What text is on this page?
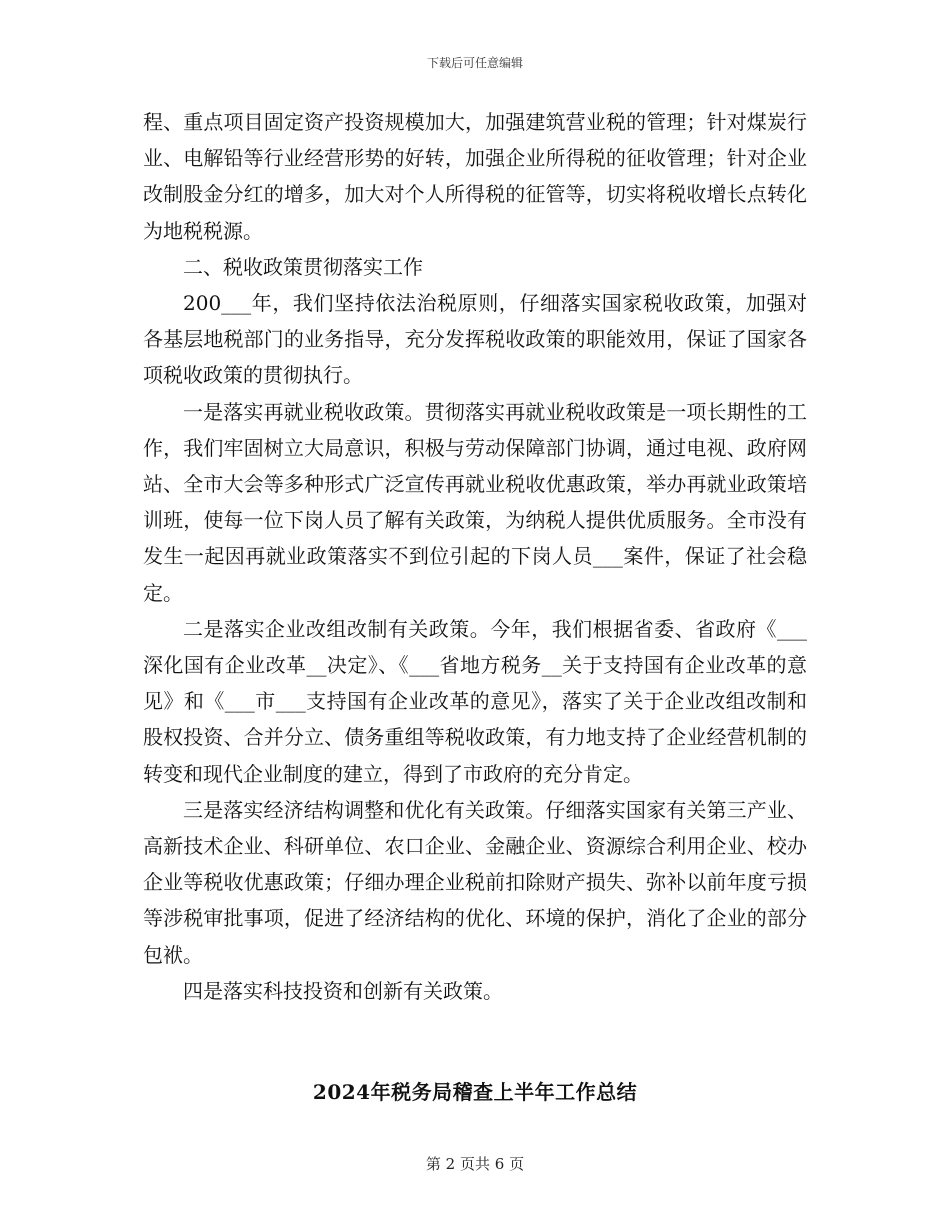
下载后可任意编辑

程、重点项目固定资产投资规模加大，加强建筑营业税的管理；针对煤炭行业、电解铅等行业经营形势的好转，加强企业所得税的征收管理；针对企业改制股金分红的增多，加大对个人所得税的征管等，切实将税收增长点转化为地税税源。

二、税收政策贯彻落实工作

200___年，我们坚持依法治税原则，仔细落实国家税收政策，加强对各基层地税部门的业务指导，充分发挥税收政策的职能效用，保证了国家各项税收政策的贯彻执行。

一是落实再就业税收政策。贯彻落实再就业税收政策是一项长期性的工作，我们牢固树立大局意识，积极与劳动保障部门协调，通过电视、政府网站、全市大会等多种形式广泛宣传再就业税收优惠政策，举办再就业政策培训班，使每一位下岗人员了解有关政策，为纳税人提供优质服务。全市没有发生一起因再就业政策落实不到位引起的下岗人员___案件，保证了社会稳定。

二是落实企业改组改制有关政策。今年，我们根据省委、省政府《___深化国有企业改革__决定》、《___省地方税务__关于支持国有企业改革的意见》和《___市___支持国有企业改革的意见》，落实了关于企业改组改制和股权投资、合并分立、债务重组等税收政策，有力地支持了企业经营机制的转变和现代企业制度的建立，得到了市政府的充分肯定。

三是落实经济结构调整和优化有关政策。仔细落实国家有关第三产业、高新技术企业、科研单位、农口企业、金融企业、资源综合利用企业、校办企业等税收优惠政策；仔细办理企业税前扣除财产损失、弥补以前年度亏损等涉税审批事项，促进了经济结构的优化、环境的保护，消化了企业的部分包袱。

四是落实科技投资和创新有关政策。

2024年税务局稽查上半年工作总结
第 2 页共 6 页
